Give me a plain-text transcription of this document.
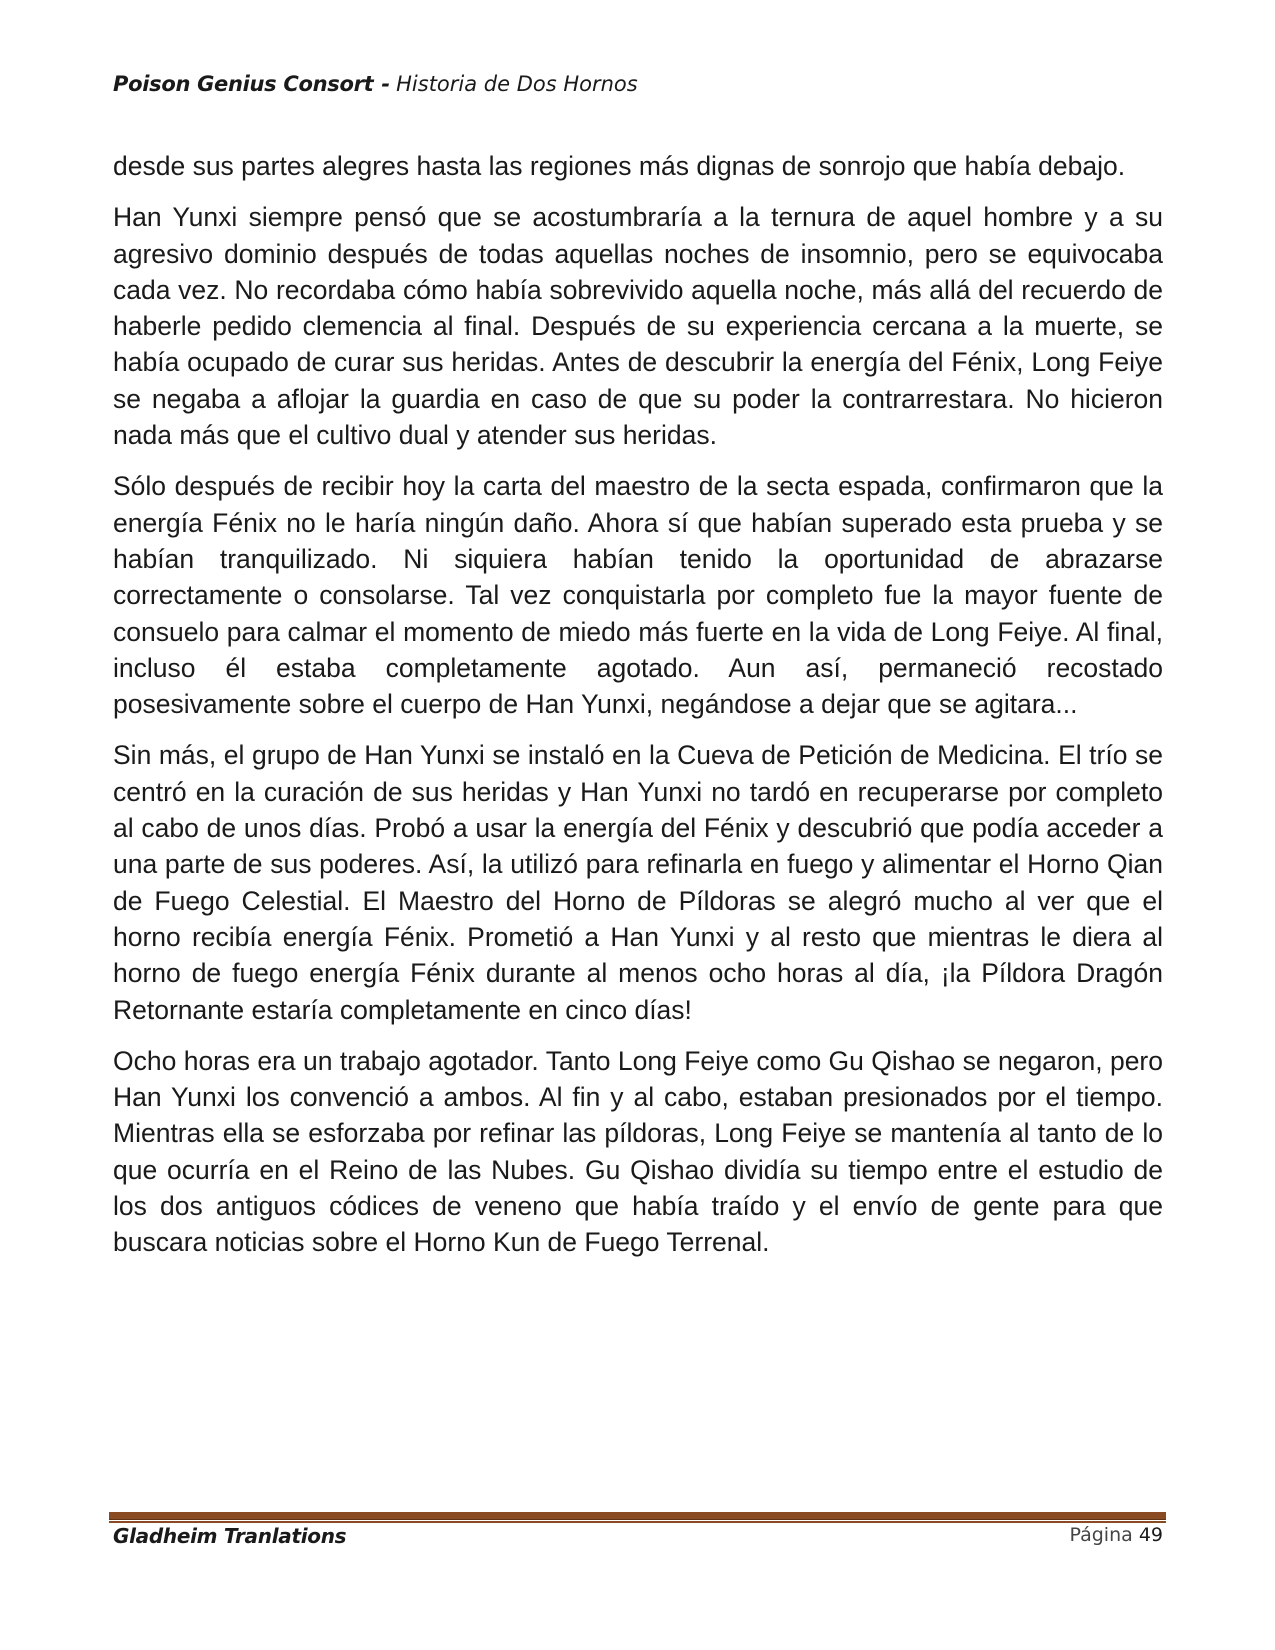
Poison Genius Consort - Historia de Dos Hornos

desde sus partes alegres hasta las regiones más dignas de sonrojo que había debajo.

Han Yunxi siempre pensó que se acostumbraría a la ternura de aquel hombre y a su agresivo dominio después de todas aquellas noches de insomnio, pero se equivocaba cada vez. No recordaba cómo había sobrevivido aquella noche, más allá del recuerdo de haberle pedido clemencia al final. Después de su experiencia cercana a la muerte, se había ocupado de curar sus heridas. Antes de descubrir la energía del Fénix, Long Feiye se negaba a aflojar la guardia en caso de que su poder la contrarrestara. No hicieron nada más que el cultivo dual y atender sus heridas.

Sólo después de recibir hoy la carta del maestro de la secta espada, confirmaron que la energía Fénix no le haría ningún daño. Ahora sí que habían superado esta prueba y se habían tranquilizado. Ni siquiera habían tenido la oportunidad de abrazarse correctamente o consolarse. Tal vez conquistarla por completo fue la mayor fuente de consuelo para calmar el momento de miedo más fuerte en la vida de Long Feiye. Al final, incluso él estaba completamente agotado. Aun así, permaneció recostado posesivamente sobre el cuerpo de Han Yunxi, negándose a dejar que se agitara...

Sin más, el grupo de Han Yunxi se instaló en la Cueva de Petición de Medicina. El trío se centró en la curación de sus heridas y Han Yunxi no tardó en recuperarse por completo al cabo de unos días. Probó a usar la energía del Fénix y descubrió que podía acceder a una parte de sus poderes. Así, la utilizó para refinarla en fuego y alimentar el Horno Qian de Fuego Celestial. El Maestro del Horno de Píldoras se alegró mucho al ver que el horno recibía energía Fénix. Prometió a Han Yunxi y al resto que mientras le diera al horno de fuego energía Fénix durante al menos ocho horas al día, ¡la Píldora Dragón Retornante estaría completamente en cinco días!

Ocho horas era un trabajo agotador. Tanto Long Feiye como Gu Qishao se negaron, pero Han Yunxi los convenció a ambos. Al fin y al cabo, estaban presionados por el tiempo. Mientras ella se esforzaba por refinar las píldoras, Long Feiye se mantenía al tanto de lo que ocurría en el Reino de las Nubes. Gu Qishao dividía su tiempo entre el estudio de los dos antiguos códices de veneno que había traído y el envío de gente para que buscara noticias sobre el Horno Kun de Fuego Terrenal.

Gladheim Tranlations	Página 49
